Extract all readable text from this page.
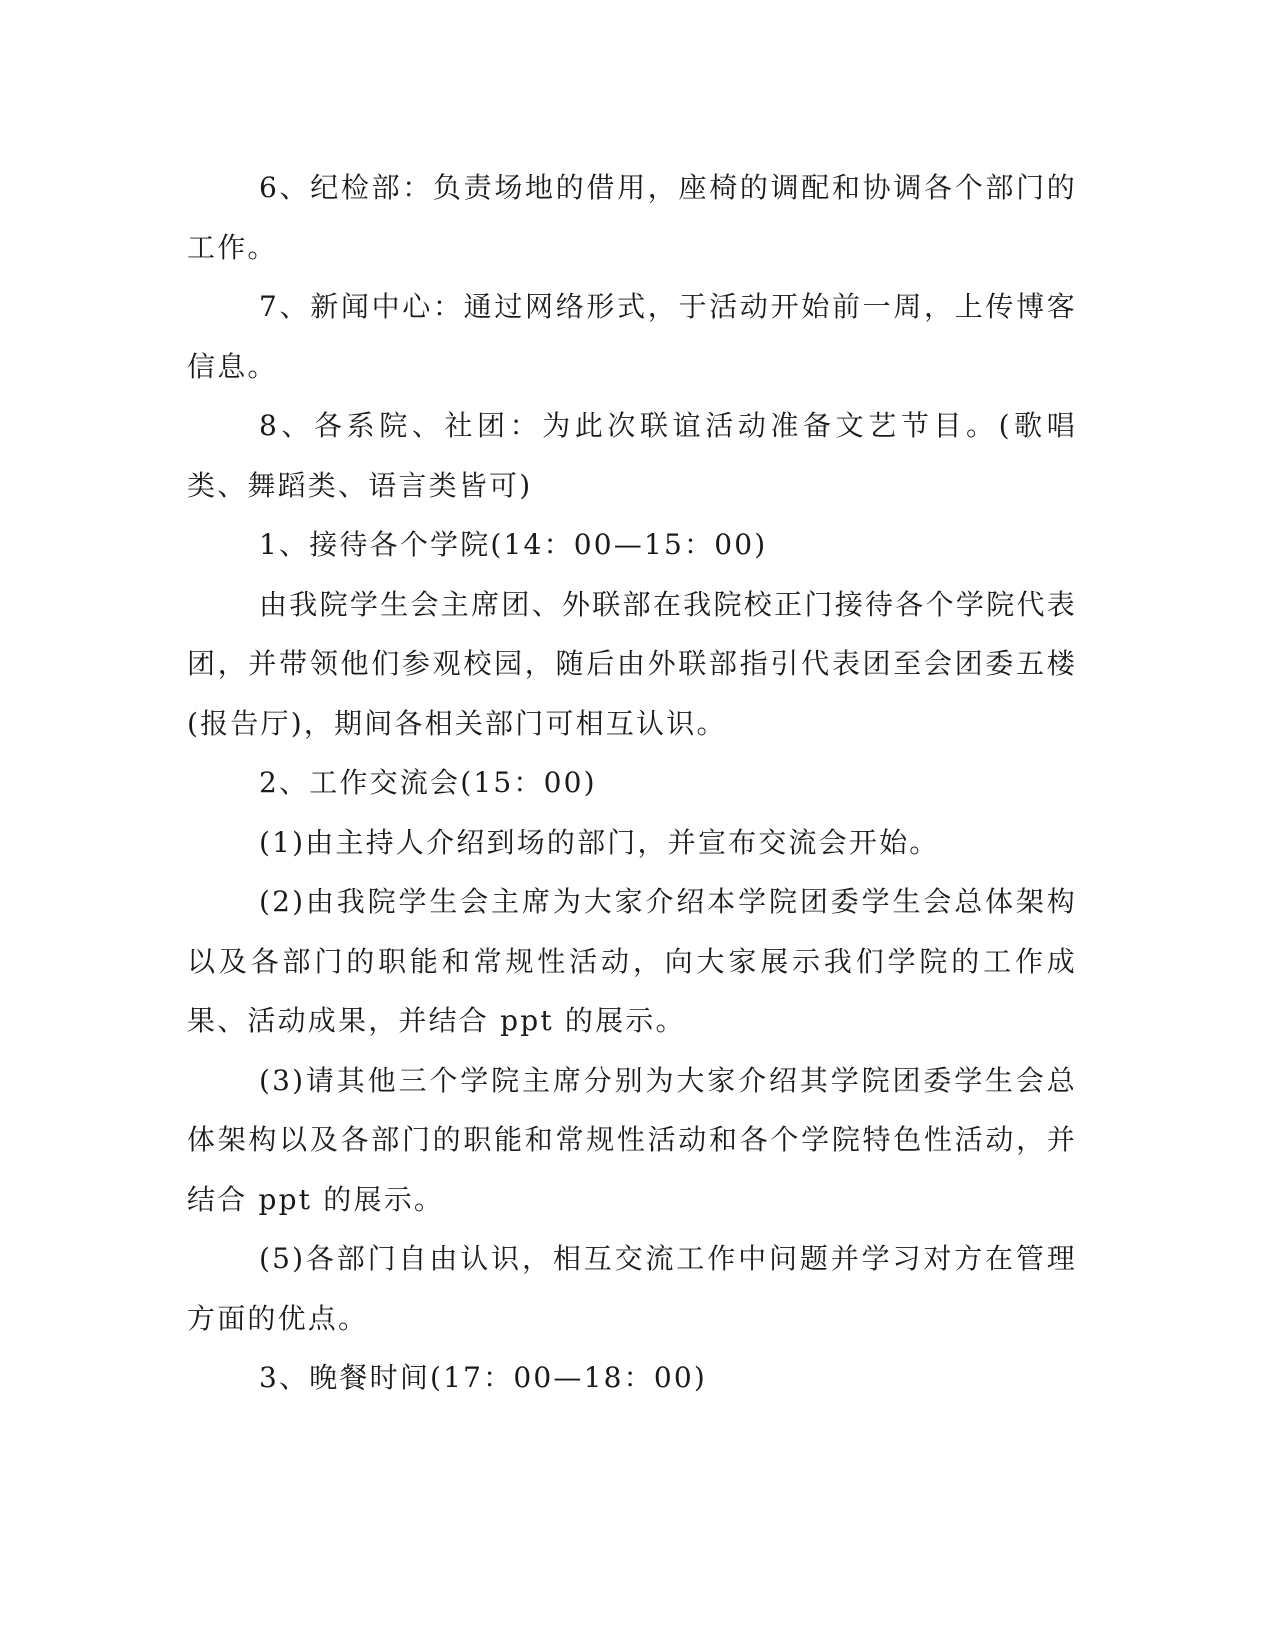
6、纪检部：负责场地的借用，座椅的调配和协调各个部门的工作。

7、新闻中心：通过网络形式，于活动开始前一周，上传博客信息。

8、各系院、社团：为此次联谊活动准备文艺节目。(歌唱类、舞蹈类、语言类皆可)

1、接待各个学院(14：00—15：00)

由我院学生会主席团、外联部在我院校正门接待各个学院代表团，并带领他们参观校园，随后由外联部指引代表团至会团委五楼(报告厅)，期间各相关部门可相互认识。

2、工作交流会(15：00)

(1)由主持人介绍到场的部门，并宣布交流会开始。

(2)由我院学生会主席为大家介绍本学院团委学生会总体架构以及各部门的职能和常规性活动，向大家展示我们学院的工作成果、活动成果，并结合 ppt 的展示。

(3)请其他三个学院主席分别为大家介绍其学院团委学生会总体架构以及各部门的职能和常规性活动和各个学院特色性活动，并结合 ppt 的展示。

(5)各部门自由认识，相互交流工作中问题并学习对方在管理方面的优点。

3、晚餐时间(17：00—18：00)
